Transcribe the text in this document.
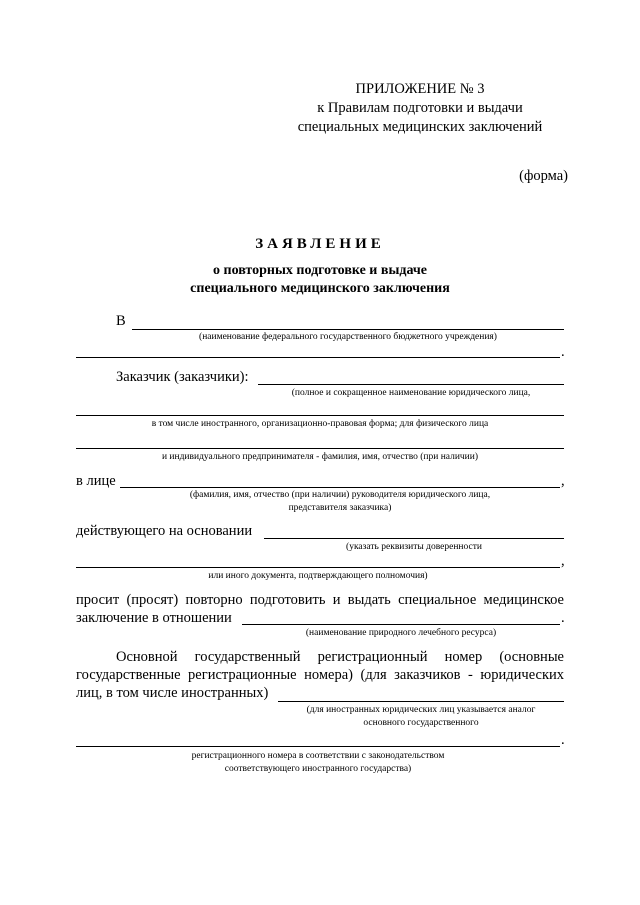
ПРИЛОЖЕНИЕ № 3
к Правилам подготовки и выдачи
специальных медицинских заключений
(форма)
ЗАЯВЛЕНИЕ
о повторных подготовке и выдаче
специального медицинского заключения
В
(наименование федерального государственного бюджетного учреждения)
.
Заказчик (заказчики):
(полное и сокращенное наименование юридического лица,
в том числе иностранного, организационно-правовая форма; для физического лица
и индивидуального предпринимателя - фамилия, имя, отчество (при наличии)
в лице	,
(фамилия, имя, отчество (при наличии) руководителя юридического лица,
представителя заказчика)
действующего на основании
(указать реквизиты доверенности
,
или иного документа, подтверждающего полномочия)
просит (просят) повторно подготовить и выдать специальное медицинское
заключение в отношении	.
(наименование природного лечебного ресурса)
Основной государственный регистрационный номер (основные
государственные регистрационные номера) (для заказчиков - юридических
лиц, в том числе иностранных)
(для иностранных юридических лиц указывается аналог
основного государственного
.
регистрационного номера в соответствии с законодательством
соответствующего иностранного государства)
